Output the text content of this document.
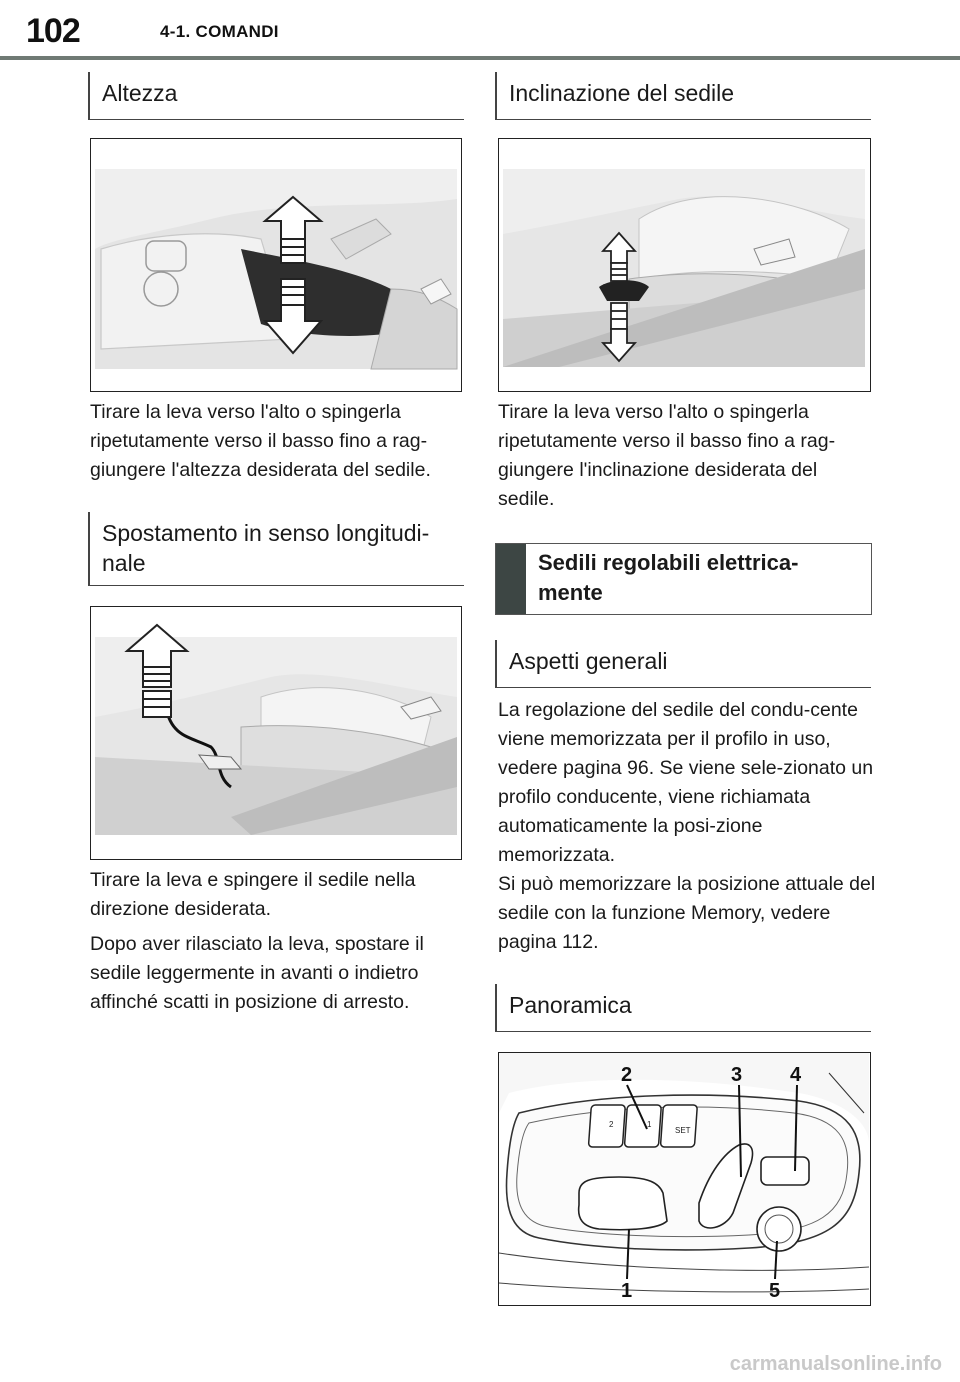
102	4-1. COMANDI
Altezza

Tirare la leva verso l'alto o spingerla ripetutamente verso il basso fino a rag-giungere l'altezza desiderata del sedile.

Spostamento in senso longitudi-nale

Tirare la leva e spingere il sedile nella direzione desiderata.

Dopo aver rilasciato la leva, spostare il sedile leggermente in avanti o indietro affinché scatti in posizione di arresto.

Inclinazione del sedile

Tirare la leva verso l'alto o spingerla ripetutamente verso il basso fino a rag-giungere l'inclinazione desiderata del sedile.

Sedili regolabili elettrica-mente
Aspetti generali

La regolazione del sedile del condu-cente viene memorizzata per il profilo in uso, vedere pagina 96. Se viene sele-zionato un profilo conducente, viene richiamata automaticamente la posi-zione memorizzata.

Si può memorizzare la posizione attuale del sedile con la funzione Memory, vedere pagina 112.

Panoramica
2	1
SET
2	3 4
1	5
carmanualsonline.info
